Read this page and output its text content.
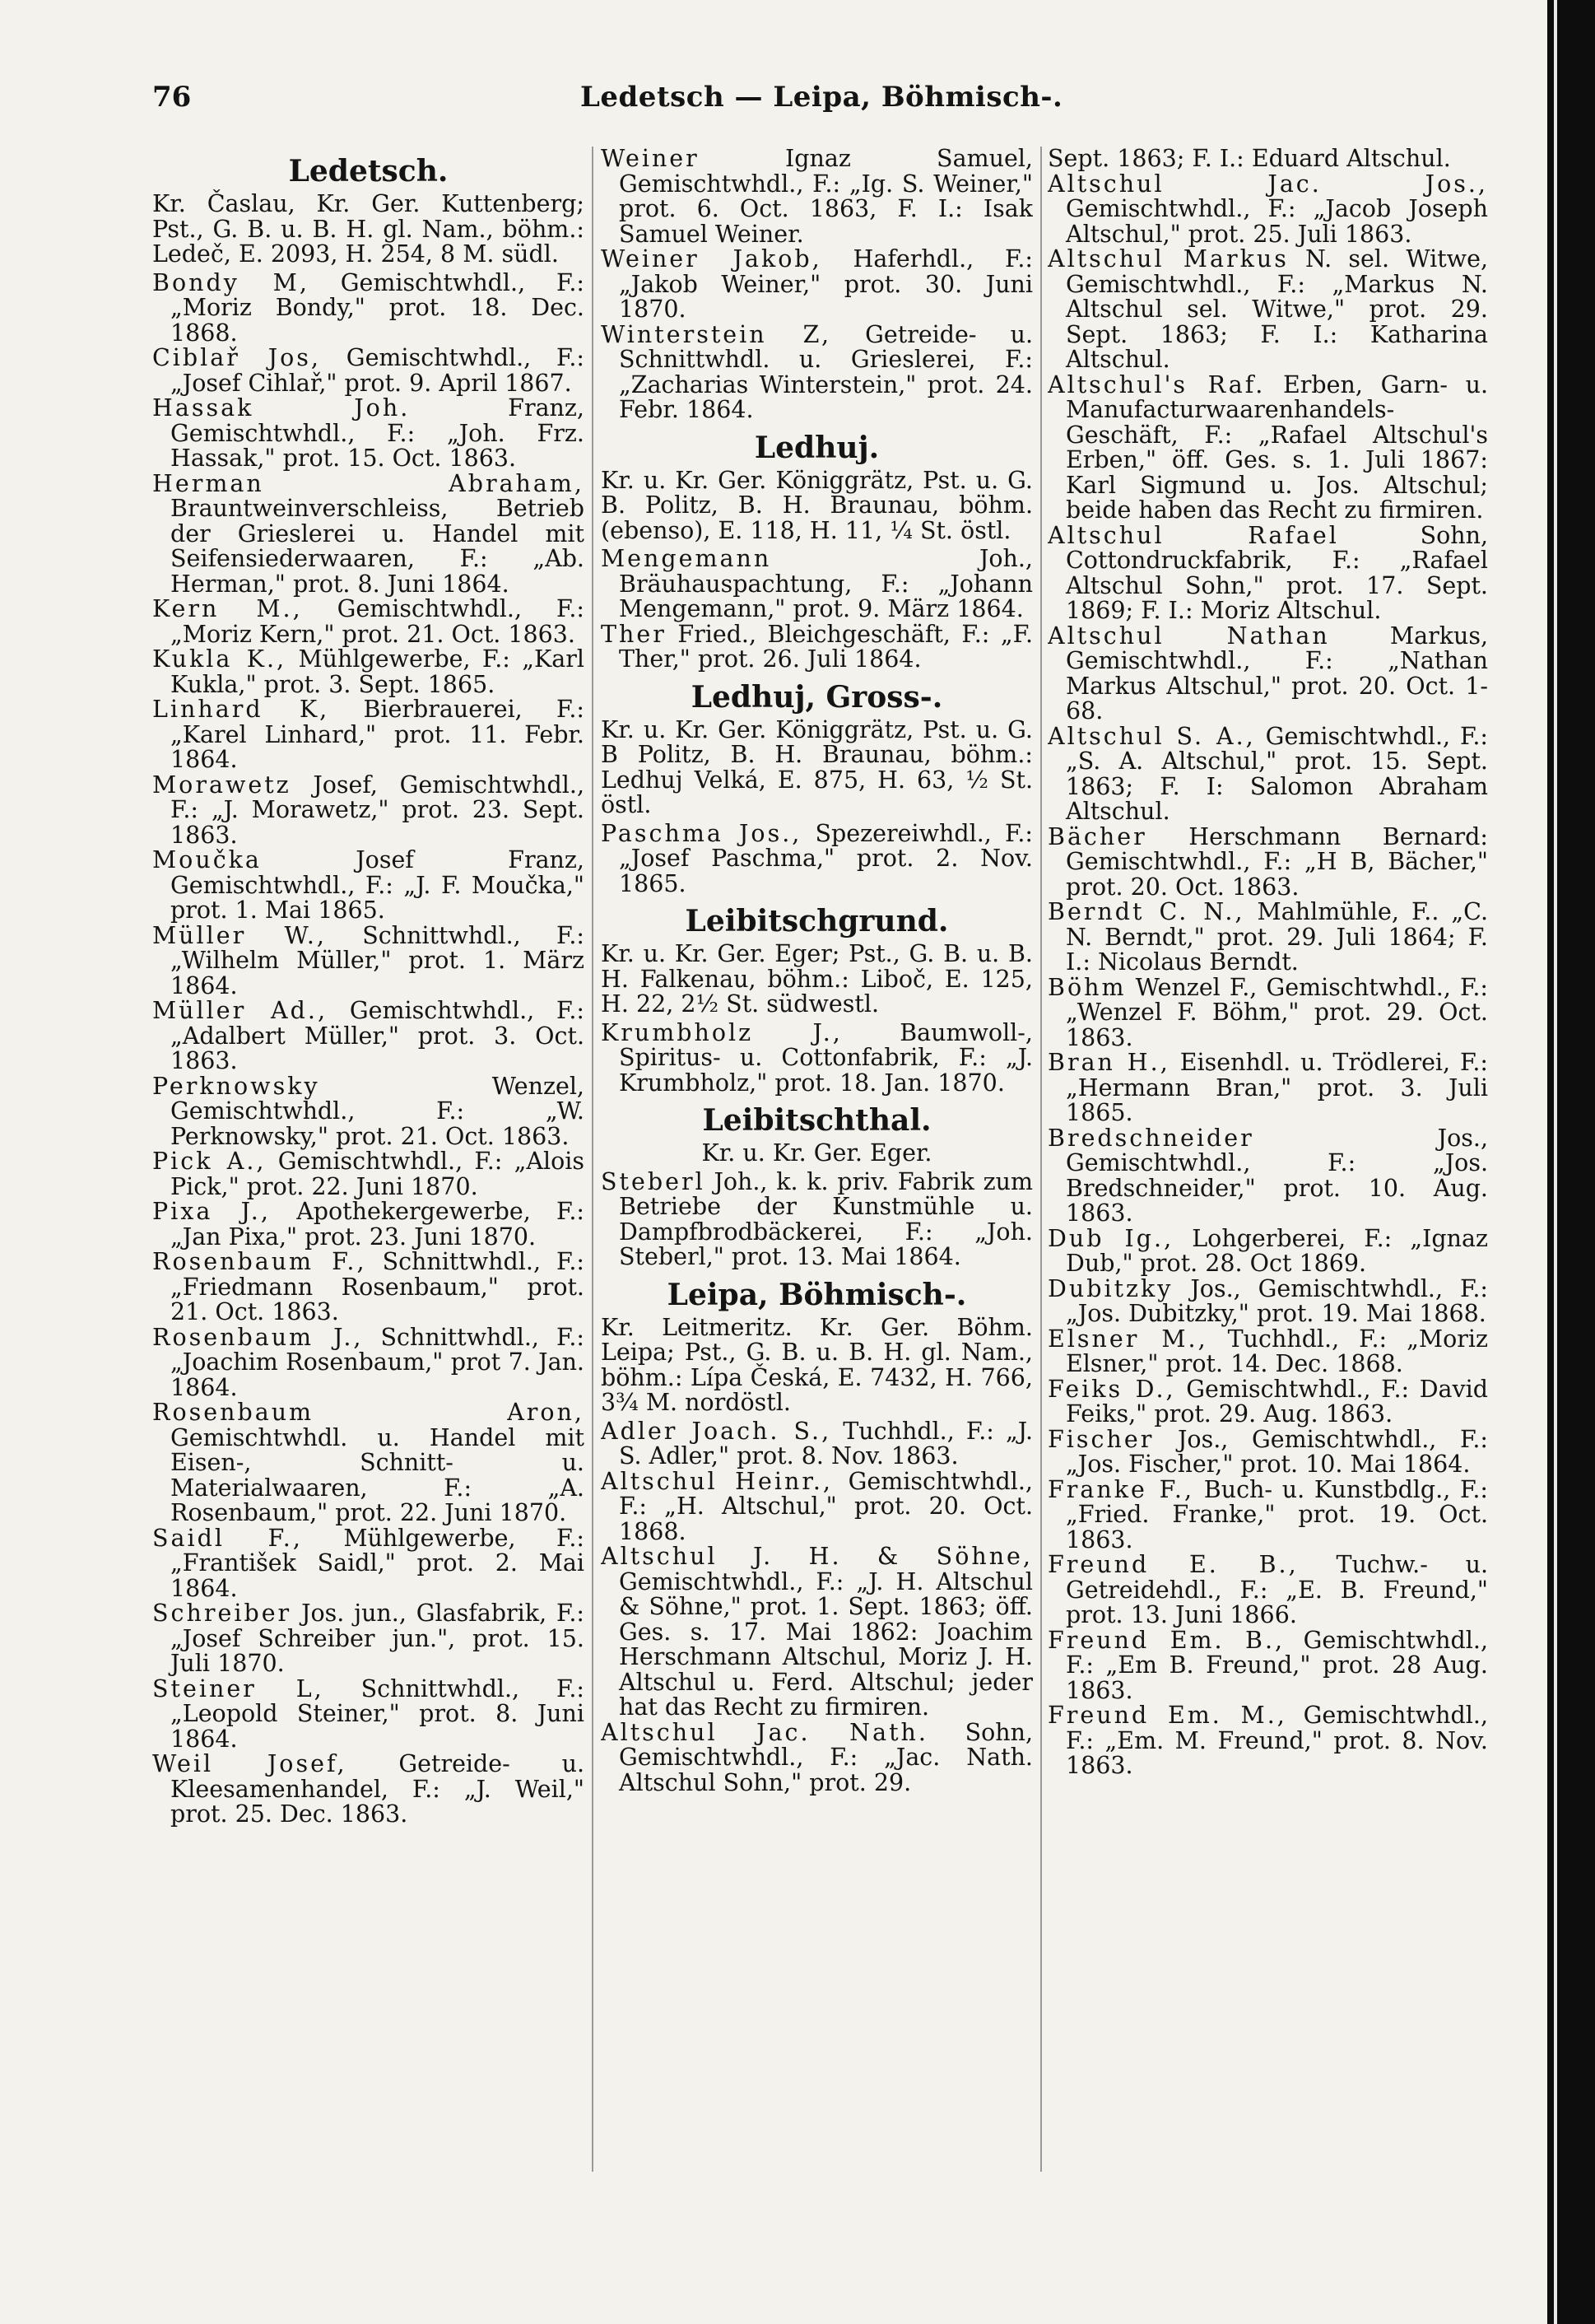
76	Ledetsch — Leipa, Böhmisch-.
Ledetsch.

Kr. Časlau, Kr. Ger. Kuttenberg; Pst., G. B. u. B. H. gl. Nam., böhm.: Ledeč, E. 2093, H. 254, 8 M. südl.

Bondy M, Gemischtwhdl., F.: „Moriz Bondy," prot. 18. Dec. 1868.

Ciblař Jos, Gemischtwhdl., F.: „Josef Cihlař," prot. 9. April 1867.

Hassak Joh.	Franz, Gemischtwhdl., F.: „Joh. Frz. Hassak," prot. 15. Oct. 1863.

Herman Abraham, Brauntweinverschleiss, Betrieb der Grieslerei u. Handel mit Seifensiederwaaren, F.: „Ab. Herman," prot. 8. Juni 1864.

Kern M., Gemischtwhdl., F.: „Moriz Kern," prot. 21. Oct. 1863.

Kukla K., Mühlgewerbe, F.: „Karl Kukla," prot. 3. Sept. 1865.

Linhard K, Bierbrauerei, F.: „Karel Linhard," prot. 11. Febr. 1864.

Morawetz Josef, Gemischtwhdl., F.: „J. Morawetz," prot. 23. Sept. 1863.

Moučka	Josef Franz, Gemischtwhdl., F.: „J. F. Moučka," prot. 1. Mai 1865.

Müller W., Schnittwhdl., F.: „Wilhelm Müller," prot. 1. März 1864.

Müller Ad., Gemischtwhdl., F.: „Adalbert Müller," prot. 3. Oct. 1863.

Perknowsky	Wenzel, Gemischtwhdl., F.: „W. Perknowsky," prot. 21. Oct. 1863.

Pick A., Gemischtwhdl., F.: „Alois Pick," prot. 22. Juni 1870.

Pixa J., Apothekergewerbe, F.: „Jan Pixa," prot. 23. Juni 1870.

Rosenbaum F., Schnittwhdl., F.: „Friedmann Rosenbaum," prot. 21. Oct. 1863.

Rosenbaum J., Schnittwhdl., F.: „Joachim Rosenbaum," prot 7. Jan. 1864.

Rosenbaum Aron, Gemischtwhdl. u. Handel mit Eisen-, Schnitt- u. Materialwaaren, F.: „A. Rosenbaum," prot. 22. Juni 1870.

Saidl F., Mühlgewerbe, F.: „František Saidl," prot. 2. Mai 1864.

Schreiber Jos. jun., Glasfabrik, F.: „Josef Schreiber jun.", prot. 15. Juli 1870.

Steiner L, Schnittwhdl., F.: „Leopold Steiner," prot. 8. Juni 1864.

Weil Josef, Getreide- u. Kleesamenhandel, F.: „J. Weil," prot. 25. Dec. 1863.

Weiner	Ignaz Samuel, Gemischtwhdl., F.: „Ig. S. Weiner," prot. 6. Oct. 1863, F. I.: Isak Samuel Weiner.

Weiner Jakob, Haferhdl., F.: „Jakob Weiner," prot. 30. Juni 1870.

Winterstein Z, Getreide- u. Schnittwhdl. u. Grieslerei, F.: „Zacharias Winterstein," prot. 24. Febr. 1864.

Ledhuj.

Kr. u. Kr. Ger. Königgrätz, Pst. u. G. B. Politz, B. H. Braunau, böhm. (ebenso), E. 118, H. 11, ¼ St. östl.

Mengemann	Joh., Bräuhauspachtung, F.: „Johann Mengemann," prot. 9. März 1864.

Ther Fried., Bleichgeschäft, F.: „F. Ther," prot. 26. Juli 1864.

Ledhuj, Gross-.

Kr. u. Kr. Ger. Königgrätz, Pst. u. G. B Politz, B. H. Braunau, böhm.: Ledhuj Velká, E. 875, H. 63, ½ St. östl.

Paschma Jos., Spezereiwhdl., F.: „Josef Paschma," prot. 2. Nov. 1865.

Leibitschgrund.

Kr. u. Kr. Ger. Eger; Pst., G. B. u. B. H. Falkenau, böhm.: Liboč, E. 125, H. 22, 2½ St. südwestl.

Krumbholz J., Baumwoll-, Spiritus- u. Cottonfabrik, F.: „J. Krumbholz," prot. 18. Jan. 1870.

Leibitschthal.

Kr. u. Kr. Ger. Eger.

Steberl Joh., k. k. priv. Fabrik zum Betriebe der Kunstmühle u. Dampfbrodbäckerei, F.: „Joh. Steberl," prot. 13. Mai 1864.

Leipa, Böhmisch-.

Kr. Leitmeritz. Kr. Ger. Böhm. Leipa; Pst., G. B. u. B. H. gl. Nam., böhm.: Lípa Česká, E. 7432, H. 766, 3¾ M. nordöstl.

Adler Joach. S., Tuchhdl., F.: „J. S. Adler," prot. 8. Nov. 1863.

Altschul Heinr., Gemischtwhdl., F.: „H. Altschul," prot. 20. Oct. 1868.

Altschul J. H. & Söhne, Gemischtwhdl., F.: „J. H. Altschul & Söhne," prot. 1. Sept. 1863; öff. Ges. s. 17. Mai 1862: Joachim Herschmann Altschul, Moriz J. H. Altschul u. Ferd. Altschul; jeder hat das Recht zu firmiren.

Altschul Jac. Nath. Sohn, Gemischtwhdl., F.: „Jac. Nath. Altschul Sohn," prot. 29.

Sept. 1863; F. I.: Eduard Altschul.

Altschul Jac. Jos., Gemischtwhdl., F.: „Jacob Joseph Altschul," prot. 25. Juli 1863.

Altschul Markus N. sel. Witwe, Gemischtwhdl., F.: „Markus N. Altschul sel. Witwe," prot. 29. Sept. 1863; F. I.: Katharina Altschul.

Altschul's Raf. Erben, Garn- u. Manufacturwaarenhandels-Geschäft, F.: „Rafael Altschul's Erben," öff. Ges. s. 1. Juli 1867: Karl Sigmund u. Jos. Altschul; beide haben das Recht zu firmiren.

Altschul Rafael	Sohn, Cottondruckfabrik, F.: „Rafael Altschul Sohn," prot. 17. Sept. 1869; F. I.: Moriz Altschul.

Altschul Nathan	Markus, Gemischtwhdl., F.: „Nathan Markus Altschul," prot. 20. Oct. 1-68.

Altschul S. A., Gemischtwhdl., F.: „S. A. Altschul," prot. 15. Sept. 1863; F. I: Salomon Abraham Altschul.

Bächer Herschmann Bernard: Gemischtwhdl., F.: „H B, Bächer," prot. 20. Oct. 1863.

Berndt C. N., Mahlmühle, F.. „C. N. Berndt," prot. 29. Juli 1864; F. I.: Nicolaus Berndt.

Böhm Wenzel F., Gemischtwhdl., F.: „Wenzel F. Böhm," prot. 29. Oct. 1863.

Bran H., Eisenhdl. u. Trödlerei, F.: „Hermann Bran," prot. 3. Juli 1865.

Bredschneider	Jos., Gemischtwhdl., F.: „Jos. Bredschneider," prot. 10. Aug. 1863.

Dub Ig., Lohgerberei, F.: „Ignaz Dub," prot. 28. Oct 1869.

Dubitzky Jos., Gemischtwhdl., F.: „Jos. Dubitzky," prot. 19. Mai 1868.

Elsner M., Tuchhdl., F.: „Moriz Elsner," prot. 14. Dec. 1868.

Feiks D., Gemischtwhdl., F.: David Feiks," prot. 29. Aug. 1863.

Fischer Jos., Gemischtwhdl., F.: „Jos. Fischer," prot. 10. Mai 1864.

Franke F., Buch- u. Kunstbdlg., F.: „Fried. Franke," prot. 19. Oct. 1863.

Freund E. B., Tuchw.- u. Getreidehdl., F.: „E. B. Freund," prot. 13. Juni 1866.

Freund Em. B., Gemischtwhdl., F.: „Em B. Freund," prot. 28 Aug. 1863.

Freund Em. M., Gemischtwhdl., F.: „Em. M. Freund," prot. 8. Nov. 1863.
